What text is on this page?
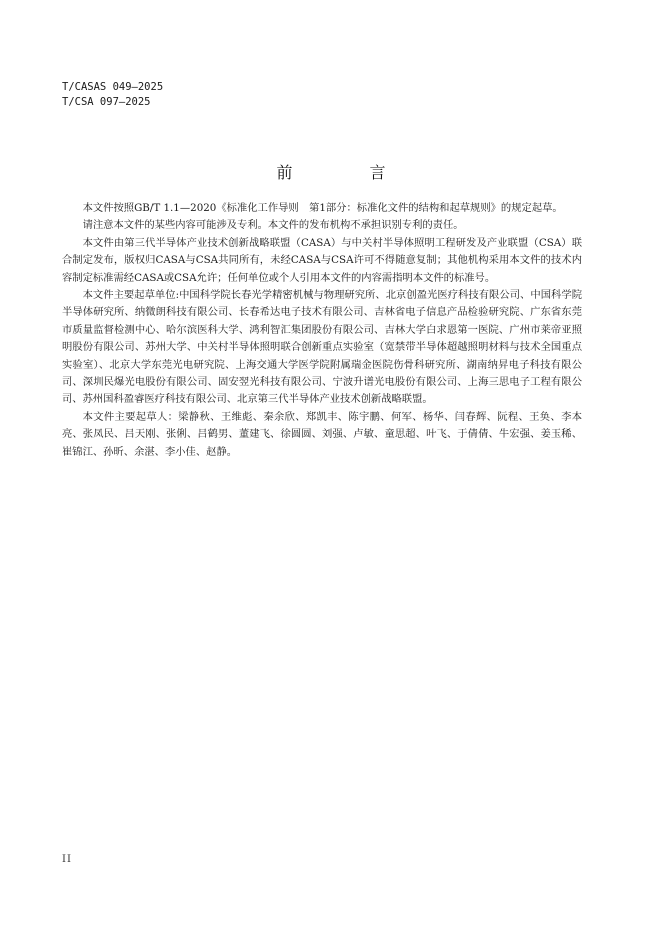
T/CASAS 049—2025
T/CSA 097—2025
前 言

本文件按照GB/T 1.1—2020《标准化工作导则　第1部分：标准化文件的结构和起草规则》的规定起草。

请注意本文件的某些内容可能涉及专利。本文件的发布机构不承担识别专利的责任。

本文件由第三代半导体产业技术创新战略联盟（CASA）与中关村半导体照明工程研发及产业联盟（CSA）联合制定发布，版权归CASA与CSA共同所有，未经CASA与CSA许可不得随意复制；其他机构采用本文件的技术内容制定标准需经CASA或CSA允许；任何单位或个人引用本文件的内容需指明本文件的标准号。

本文件主要起草单位:中国科学院长春光学精密机械与物理研究所、北京创盈光医疗科技有限公司、中国科学院半导体研究所、纳微朗科技有限公司、长春希达电子技术有限公司、吉林省电子信息产品检验研究院、广东省东莞市质量监督检测中心、哈尔滨医科大学、鸿利智汇集团股份有限公司、吉林大学白求恩第一医院、广州市莱帝亚照明股份有限公司、苏州大学、中关村半导体照明联合创新重点实验室（宽禁带半导体超越照明材料与技术全国重点实验室）、北京大学东莞光电研究院、上海交通大学医学院附属瑞金医院伤骨科研究所、湖南纳昇电子科技有限公司、深圳民爆光电股份有限公司、固安翌光科技有限公司、宁波升谱光电股份有限公司、上海三思电子工程有限公司、苏州国科盈睿医疗科技有限公司、北京第三代半导体产业技术创新战略联盟。

本文件主要起草人：梁静秋、王维彪、秦余欣、郑凯丰、陈宇鹏、何军、杨华、闫春辉、阮程、王奂、李本亮、张凤民、吕天刚、张俐、吕鹤男、董建飞、徐圆圆、刘强、卢敏、童思超、叶飞、于倩倩、牛宏强、姜玉稀、崔锦江、孙昕、余湛、李小佳、赵静。

II
